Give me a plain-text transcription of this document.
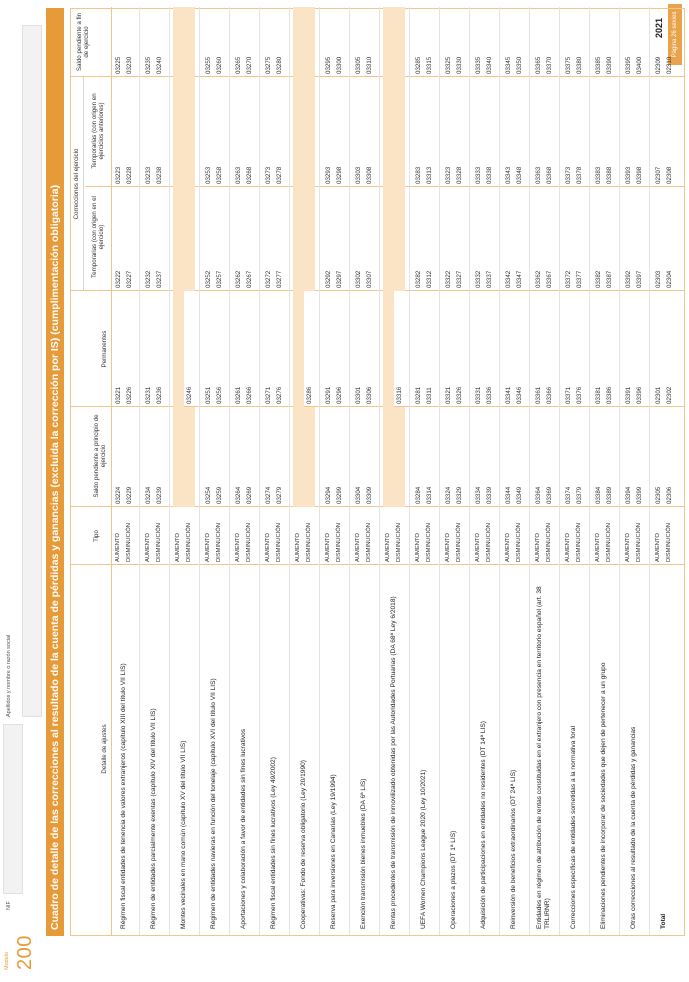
Modelo 200
NIF
Apellidos y nombre o razón social
2021	Página 26 sexies
Cuadro de detalle de las correcciones al resultado de la cuenta de pérdidas y ganancias (excluida la corrección por IS) (cumplimentación obligatoria)	Detalle de ajustes
Tipo
Saldo pendiente a principio de ejercicio
Permanentes
Correcciones del ejercicio
Temporarias (con origen en el ejercicio)
Temporarias (con origen en ejercicios anteriores)
Saldo pendiente a fin de ejercicio
Régimen fiscal entidades de tenencia de valores extranjeros (capítulo XIII del título VII LIS)
AUMENTO
03224
03221
03222
03223
03225
DISMINUCIÓN
03229
03226
03227
03228
03230
Régimen de entidades parcialmente exentas (capítulo XIV del título VII LIS)
AUMENTO
03234
03231
03232
03233
03235
DISMINUCIÓN
03239
03236
03237
03238
03240
Montes vecinales en mano común (capítulo XV del título VII LIS)
AUMENTO DISMINUCIÓN
03246
Régimen de entidades navieras en función del tonelaje (capítulo XVI del título VII LIS)
AUMENTO
03254
03251
03252
03253
03255
DISMINUCIÓN
03259
03256
03257
03258
03260
Aportaciones y colaboración a favor de entidades sin fines lucrativos
AUMENTO
03264
03261
03262
03263
03265
DISMINUCIÓN
03269
03266
03267
03268
03270
Régimen fiscal entidades sin fines lucrativos (Ley 49/2002)
AUMENTO
03274
03271
03272
03273
03275
DISMINUCIÓN
03279
03276
03277
03278
03280
Cooperativas: Fondo de reserva obligatorio (Ley 20/1990)
AUMENTO DISMINUCIÓN
03286
Reserva para inversiones en Canarias (Ley 19/1994)
AUMENTO
03294
03291
03292
03293
03295
DISMINUCIÓN
03299
03296
03297
03298
03300
Exención transmisión bienes inmuebles (DA 6ª LIS)
AUMENTO
03304
03301
03302
03303
03305
DISMINUCIÓN
03309
03306
03307
03308
03310
Rentas procedentes de transmisión de inmovilizado obtenidas por las Autoridades Portuarias (DA 68ª Ley 6/2018)
AUMENTO DISMINUCIÓN
03316
UEFA Women Champions League 2020 (Ley 10/2021)
AUMENTO
03284
03281
03282
03283
03285
DISMINUCIÓN
03314
03311
03312
03313
03315
Operaciones a plazos (DT 1ª LIS)
AUMENTO
03324
03321
03322
03323
03325
DISMINUCIÓN
03329
03326
03327
03328
03330
Adquisición de participaciones en entidades no residentes (DT 14ª LIS)
AUMENTO
03334
03331
03332
03333
03335
DISMINUCIÓN
03339
03336
03337
03338
03340
Reinversión de beneficios extraordinarios (DT 24ª LIS)
AUMENTO
03344
03341
03342
03343
03345
DISMINUCIÓN
03349
03346
03347
03348
03350
Entidades en régimen de atribución de rentas constituidas en el extranjero con presencia en territorio español (art. 38 TRLIRNR)
AUMENTO
03364
03361
03362
03363
03365
DISMINUCIÓN
03369
03366
03367
03368
03370
Correcciones específicas de entidades sometidas a la normativa foral
AUMENTO
03374
03371
03372
03373
03375
DISMINUCIÓN
03379
03376
03377
03378
03380
Eliminaciones pendientes de incorporar de sociedades que dejen de pertenecer a un grupo
AUMENTO
03384
03381
03382
03383
03385
DISMINUCIÓN
03389
03386
03387
03388
03390
Otras correcciones al resultado de la cuenta de pérdidas y ganancias
AUMENTO
03394
03391
03392
03393
03395
DISMINUCIÓN
03399
03396
03397
03398
03400
Total
AUMENTO
02305
02301
02303
02307
02309
DISMINUCIÓN
02306
02302
02304
02308
02310
